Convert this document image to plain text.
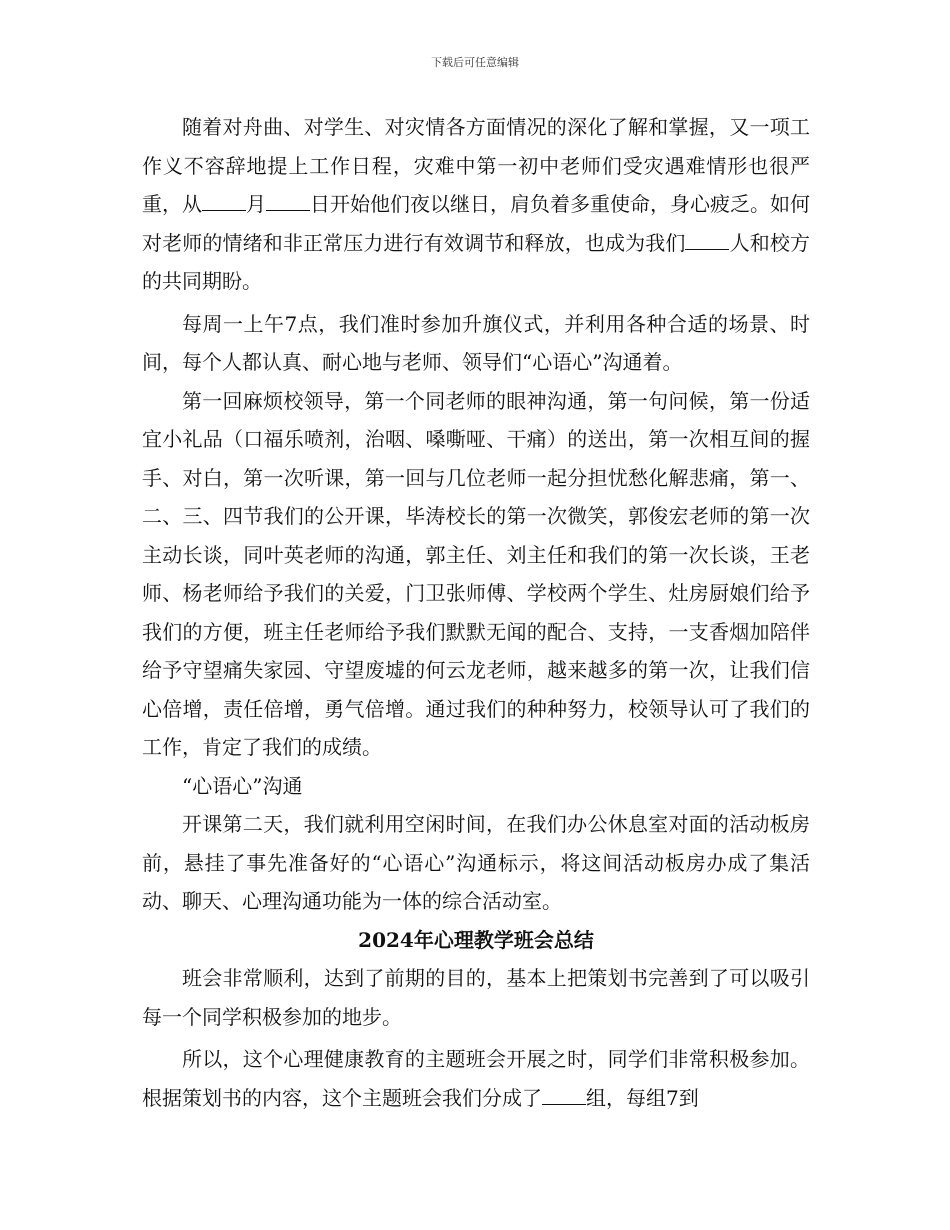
下载后可任意编辑

随着对舟曲、对学生、对灾情各方面情况的深化了解和掌握，又一项工作义不容辞地提上工作日程，灾难中第一初中老师们受灾遇难情形也很严重，从 月 日开始他们夜以继日，肩负着多重使命，身心疲乏。如何对老师的情绪和非正常压力进行有效调节和释放，也成为我们 人和校方的共同期盼。

每周一上午7点，我们准时参加升旗仪式，并利用各种合适的场景、时间，每个人都认真、耐心地与老师、领导们“心语心”沟通着。

第一回麻烦校领导，第一个同老师的眼神沟通，第一句问候，第一份适宜小礼品（口福乐喷剂，治咽、嗓嘶哑、干痛）的送出，第一次相互间的握手、对白，第一次听课，第一回与几位老师一起分担忧愁化解悲痛，第一、二、三、四节我们的公开课，毕涛校长的第一次微笑，郭俊宏老师的第一次主动长谈，同叶英老师的沟通，郭主任、刘主任和我们的第一次长谈，王老师、杨老师给予我们的关爱，门卫张师傅、学校两个学生、灶房厨娘们给予我们的方便，班主任老师给予我们默默无闻的配合、支持，一支香烟加陪伴给予守望痛失家园、守望废墟的何云龙老师，越来越多的第一次，让我们信心倍增，责任倍增，勇气倍增。通过我们的种种努力，校领导认可了我们的工作，肯定了我们的成绩。

“心语心”沟通

开课第二天，我们就利用空闲时间，在我们办公休息室对面的活动板房前，悬挂了事先准备好的“心语心”沟通标示，将这间活动板房办成了集活动、聊天、心理沟通功能为一体的综合活动室。

2024年心理教学班会总结

班会非常顺利，达到了前期的目的，基本上把策划书完善到了可以吸引每一个同学积极参加的地步。

所以，这个心理健康教育的主题班会开展之时，同学们非常积极参加。根据策划书的内容，这个主题班会我们分成了 组，每组7到
